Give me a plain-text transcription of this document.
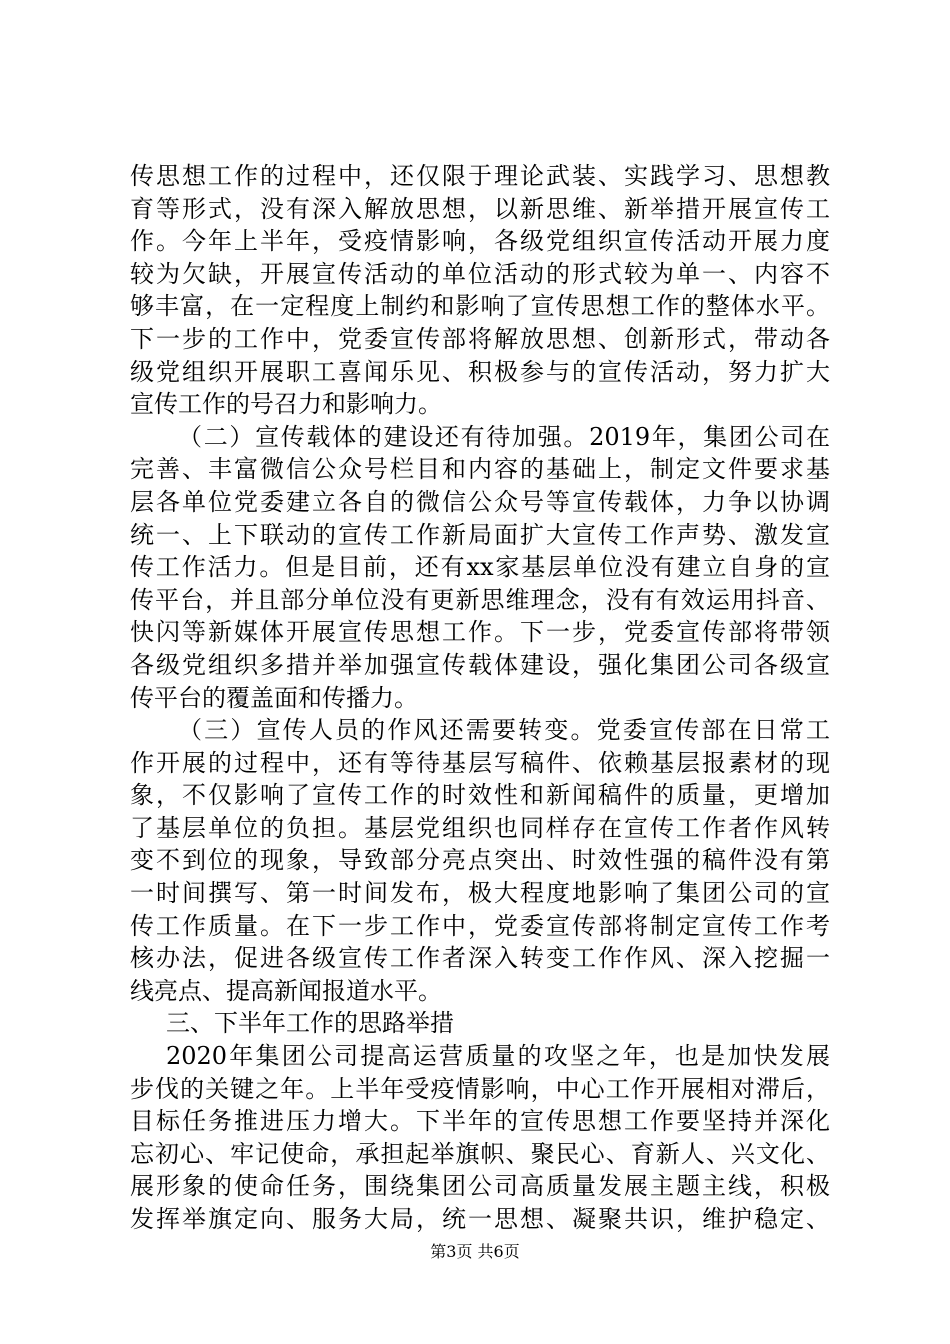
传思想工作的过程中，还仅限于理论武装、实践学习、思想教
育等形式，没有深入解放思想，以新思维、新举措开展宣传工
作。今年上半年，受疫情影响，各级党组织宣传活动开展力度
较为欠缺，开展宣传活动的单位活动的形式较为单一、内容不
够丰富，在一定程度上制约和影响了宣传思想工作的整体水平。
下一步的工作中，党委宣传部将解放思想、创新形式，带动各
级党组织开展职工喜闻乐见、积极参与的宣传活动，努力扩大
宣传工作的号召力和影响力。
（二）宣传载体的建设还有待加强。2019年，集团公司在
完善、丰富微信公众号栏目和内容的基础上，制定文件要求基
层各单位党委建立各自的微信公众号等宣传载体，力争以协调
统一、上下联动的宣传工作新局面扩大宣传工作声势、激发宣
传工作活力。但是目前，还有xx家基层单位没有建立自身的宣
传平台，并且部分单位没有更新思维理念，没有有效运用抖音、
快闪等新媒体开展宣传思想工作。下一步，党委宣传部将带领
各级党组织多措并举加强宣传载体建设，强化集团公司各级宣
传平台的覆盖面和传播力。
（三）宣传人员的作风还需要转变。党委宣传部在日常工
作开展的过程中，还有等待基层写稿件、依赖基层报素材的现
象，不仅影响了宣传工作的时效性和新闻稿件的质量，更增加
了基层单位的负担。基层党组织也同样存在宣传工作者作风转
变不到位的现象，导致部分亮点突出、时效性强的稿件没有第
一时间撰写、第一时间发布，极大程度地影响了集团公司的宣
传工作质量。在下一步工作中，党委宣传部将制定宣传工作考
核办法，促进各级宣传工作者深入转变工作作风、深入挖掘一
线亮点、提高新闻报道水平。
三、下半年工作的思路举措
2020年集团公司提高运营质量的攻坚之年，也是加快发展
步伐的关键之年。上半年受疫情影响，中心工作开展相对滞后，
目标任务推进压力增大。下半年的宣传思想工作要坚持并深化
忘初心、牢记使命，承担起举旗帜、聚民心、育新人、兴文化、
展形象的使命任务，围绕集团公司高质量发展主题主线，积极
发挥举旗定向、服务大局，统一思想、凝聚共识，维护稳定、
第3页 共6页
